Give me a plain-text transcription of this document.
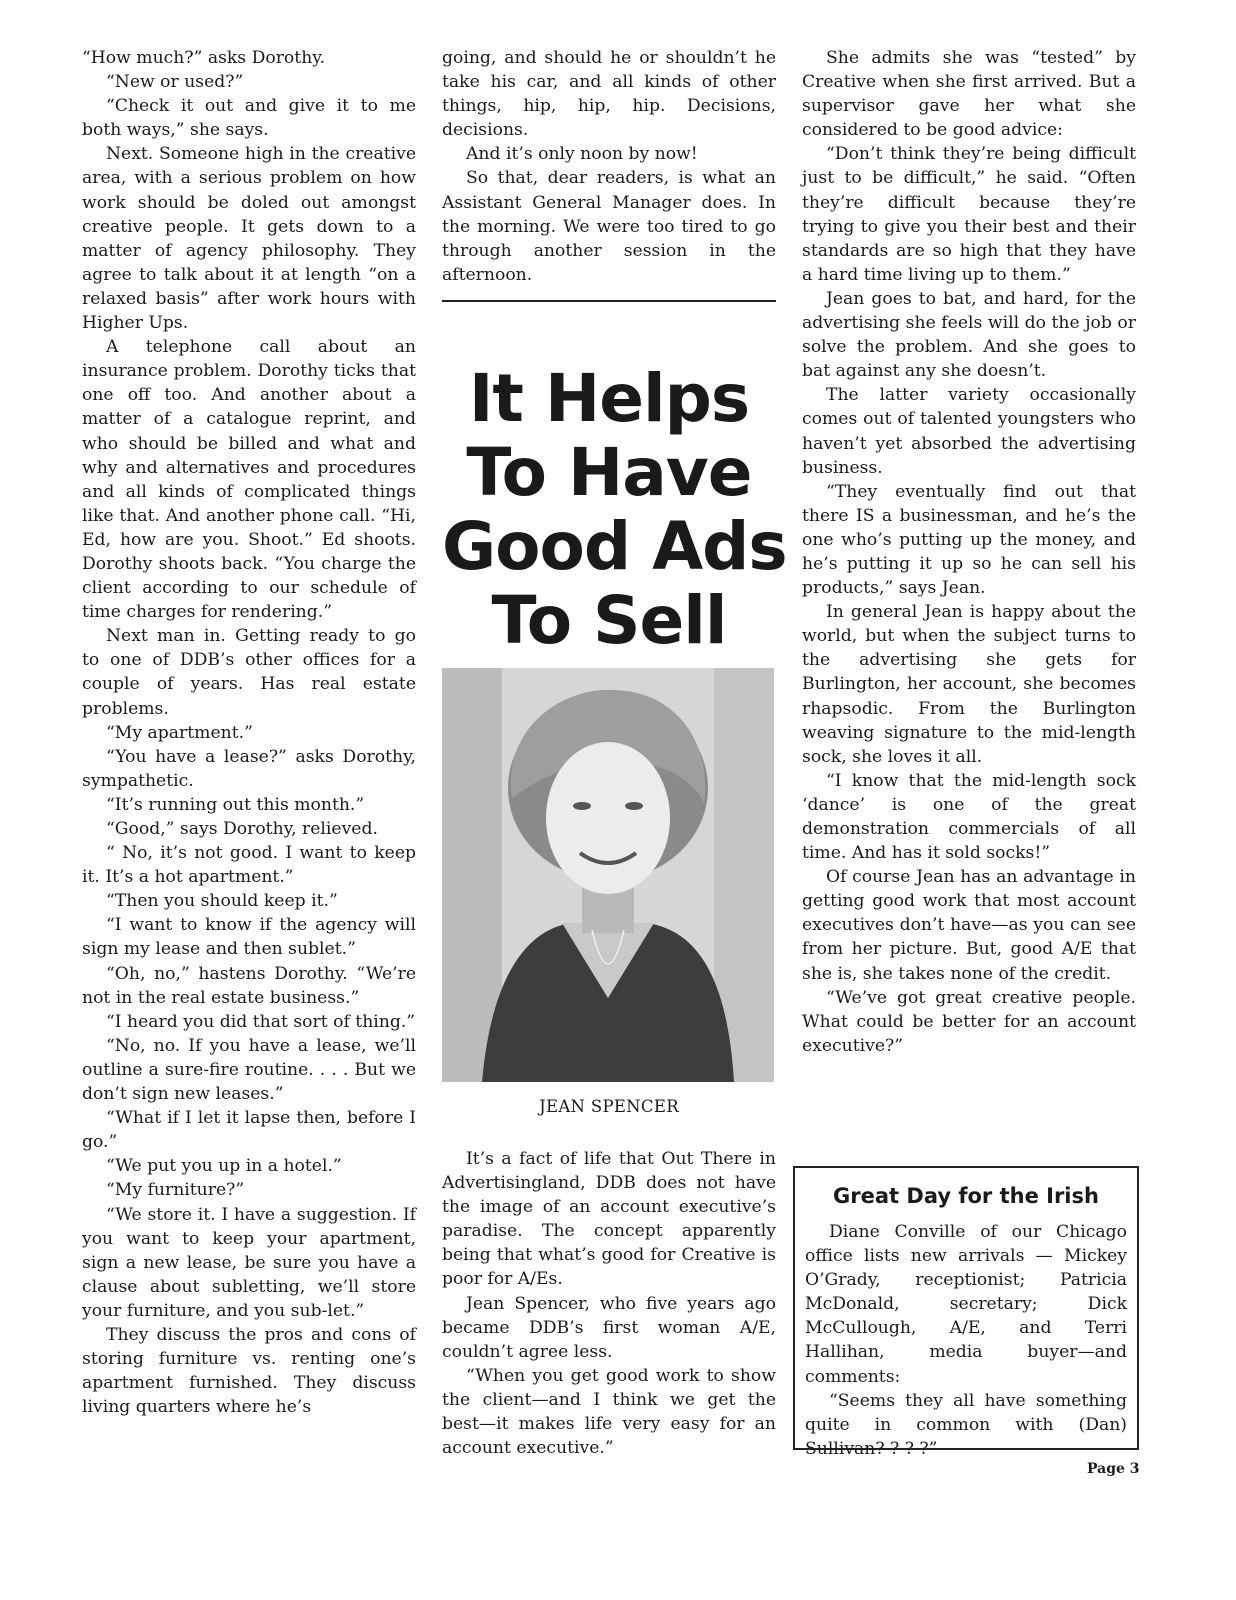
“How much?” asks Dorothy.

“New or used?”

“Check it out and give it to me both ways,” she says.

Next. Someone high in the creative area, with a serious problem on how work should be doled out amongst creative people. It gets down to a matter of agency philosophy. They agree to talk about it at length “on a relaxed basis” after work hours with Higher Ups.

A telephone call about an insurance problem. Dorothy ticks that one off too. And another about a matter of a catalogue reprint, and who should be billed and what and why and alternatives and procedures and all kinds of complicated things like that. And another phone call. “Hi, Ed, how are you. Shoot.” Ed shoots. Dorothy shoots back. “You charge the client according to our schedule of time charges for rendering.”

Next man in. Getting ready to go to one of DDB’s other offices for a couple of years. Has real estate problems.

“My apartment.”

“You have a lease?” asks Dorothy, sympathetic.

“It’s running out this month.”

“Good,” says Dorothy, relieved.

“ No, it’s not good. I want to keep it. It’s a hot apartment.”

“Then you should keep it.”

“I want to know if the agency will sign my lease and then sublet.”

“Oh, no,” hastens Dorothy. “We’re not in the real estate business.”

“I heard you did that sort of thing.”

“No, no. If you have a lease, we’ll outline a sure-fire routine. . . . But we don’t sign new leases.”

“What if I let it lapse then, before I go.”

“We put you up in a hotel.”

“My furniture?”

“We store it. I have a suggestion. If you want to keep your apartment, sign a new lease, be sure you have a clause about subletting, we’ll store your furniture, and you sub-let.”

They discuss the pros and cons of storing furniture vs. renting one’s apartment furnished. They discuss living quarters where he’s

going, and should he or shouldn’t he take his car, and all kinds of other things, hip, hip, hip. Decisions, decisions.

And it’s only noon by now!

So that, dear readers, is what an Assistant General Manager does. In the morning. We were too tired to go through another session in the afternoon.

It Helps
To Have
Good Ads
To Sell
JEAN SPENCER

It’s a fact of life that Out There in Advertisingland, DDB does not have the image of an account executive’s paradise. The concept apparently being that what’s good for Creative is poor for A/Es.

Jean Spencer, who five years ago became DDB’s first woman A/E, couldn’t agree less.

“When you get good work to show the client—and I think we get the best—it makes life very easy for an account executive.”

She admits she was “tested” by Creative when she first arrived. But a supervisor gave her what she considered to be good advice:

“Don’t think they’re being difficult just to be difficult,” he said. “Often they’re difficult because they’re trying to give you their best and their standards are so high that they have a hard time living up to them.”

Jean goes to bat, and hard, for the advertising she feels will do the job or solve the problem. And she goes to bat against any she doesn’t.

The latter variety occasionally comes out of talented youngsters who haven’t yet absorbed the advertising business.

“They eventually find out that there IS a businessman, and he’s the one who’s putting up the money, and he’s putting it up so he can sell his products,” says Jean.

In general Jean is happy about the world, but when the subject turns to the advertising she gets for Burlington, her account, she becomes rhapsodic. From the Burlington weaving signature to the mid-length sock, she loves it all.

“I know that the mid-length sock ‘dance’ is one of the great demonstration commercials of all time. And has it sold socks!”

Of course Jean has an advantage in getting good work that most account executives don’t have—as you can see from her picture. But, good A/E that she is, she takes none of the credit.

“We’ve got great creative people. What could be better for an account executive?”

Great Day for the Irish

Diane Conville of our Chicago office lists new arrivals — Mickey O’Grady, receptionist; Patricia McDonald, secretary; Dick McCullough, A/E, and Terri Hallihan, media buyer—and comments:

“Seems they all have something quite in common with (Dan) Sullivan? ? ? ?”

Page 3
